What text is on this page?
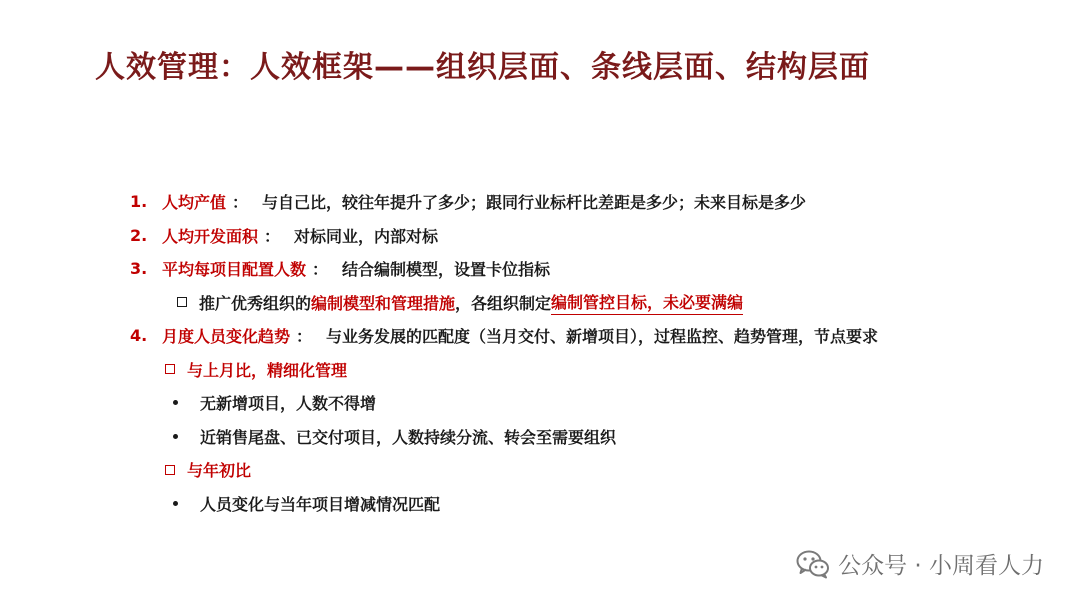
人效管理：人效框架——组织层面、条线层面、结构层面
1. 人均产值 ： 与自己比，较往年提升了多少；跟同行业标杆比差距是多少；未来目标是多少
2. 人均开发面积 ： 对标同业，内部对标
3. 平均每项目配置人数 ： 结合编制模型，设置卡位指标
推广优秀组织的 编制模型和管理措施 ，各组织制定 编制管控目标，未必要满编
4. 月度人员变化趋势 ： 与业务发展的匹配度（当月交付、新增项目），过程监控、趋势管理，节点要求
与上月比，精细化管理
无新增项目，人数不得增
近销售尾盘、已交付项目，人数持续分流、转会至需要组织
与年初比
人员变化与当年项目增减情况匹配
公众号 · 小周看人力
